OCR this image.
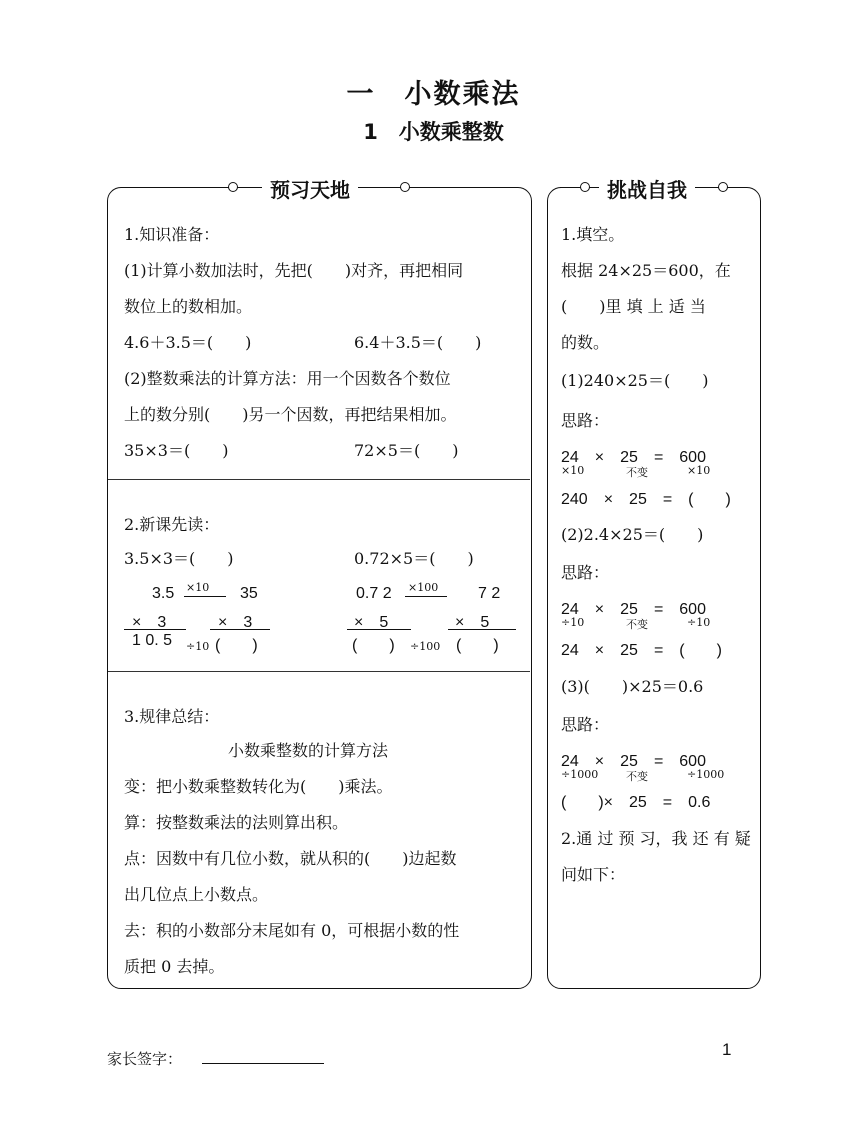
一　小数乘法
1　小数乘整数
预习天地
1.知识准备：
(1)计算小数加法时，先把(　　)对齐，再把相同
数位上的数相加。
4.6＋3.5＝(　　)	6.4＋3.5＝(　　)
(2)整数乘法的计算方法：用一个因数各个数位
上的数分别(　　)另一个因数，再把结果相加。
35×3＝(　　)	72×5＝(　　)
2.新课先读：
3.5×3＝(　　)	0.72×5＝(　　)
3.5 ×10 35
×　3	×　3
1 0. 5 ÷10 (　　)
0.7 2 ×100 7 2
×　5	×　5
(　　) ÷100 (　　)
3.规律总结：
小数乘整数的计算方法
变：把小数乘整数转化为(　　)乘法。
算：按整数乘法的法则算出积。
点：因数中有几位小数，就从积的(　　)边起数
出几位点上小数点。
去：积的小数部分末尾如有 0，可根据小数的性
质把 0 去掉。
挑战自我
1.填空。
根据 24×25＝600，在
(　　)里 填 上 适 当
的数。
(1)240×25＝(　　)
思路：
24　×　25　=　600
×10	不变	×10
240　×　25　=　(　　)
(2)2.4×25＝(　　)
思路：
24　×　25　=　600
÷10	不变	÷10
24　×　25　=　(　　)
(3)(　　)×25＝0.6
思路：
24　×　25　=　600
÷1000	不变	÷1000
(　　)×　25　=　0.6
2.通 过 预 习，我 还 有 疑
问如下：
家长签字：	1
